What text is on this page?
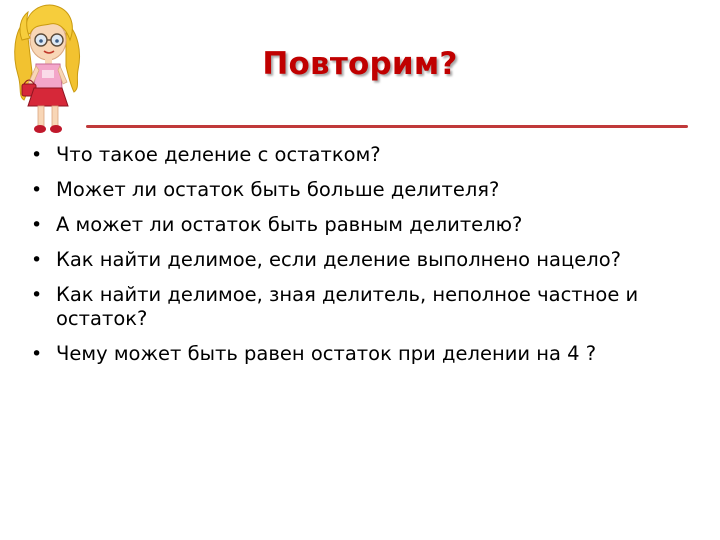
Повторим?
• Что такое деление с остатком?
• Может ли остаток быть больше делителя?
• А может ли остаток быть равным делителю?
• Как найти делимое, если деление выполнено нацело?
• Как найти делимое, зная делитель, неполное частное и остаток?
• Чему может быть равен остаток при делении на 4 ?
